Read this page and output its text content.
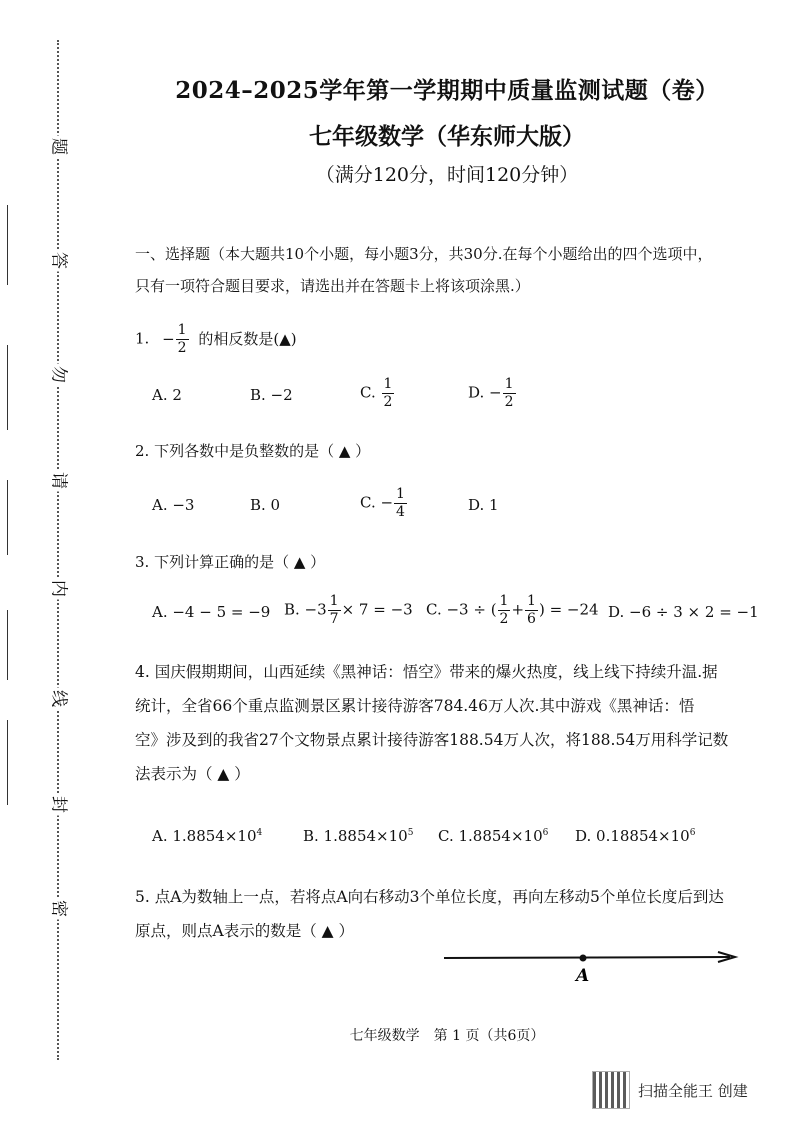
题
答
勿
请
内
线
封
密
2024–2025学年第一学期期中质量监测试题（卷）
七年级数学（华东师大版）
（满分120分，时间120分钟）
一、选择题（本大题共10个小题，每小题3分，共30分.在每个小题给出的四个选项中，
只有一项符合题目要求，请选出并在答题卡上将该项涂黑.）
1. − $\frac{1}{2}$ 的相反数是(▲)
A. 2	B. −2	C. $\frac{1}{2}$	D. − $\frac{1}{2}$
2. 下列各数中是负整数的是（ ▲ ）
A. −3	B. 0	C. − $\frac{1}{4}$	D. 1
3. 下列计算正确的是（ ▲ ）
A. −4 − 5 = −9 B. $-3 \frac{1}{7} \times 7 = -3$ C. −3 ÷ ( $\frac{1}{2} + \frac{1}{6}$ ) = −24 D. −6 ÷ 3 × 2 = −1
4. 国庆假期期间，山西延续《黑神话：悟空》带来的爆火热度，线上线下持续升温.据
统计，全省66个重点监测景区累计接待游客784.46万人次.其中游戏《黑神话：悟
空》涉及到的我省27个文物景点累计接待游客188.54万人次，将188.54万用科学记数
法表示为（ ▲ ）
A. $1.8854\times 10^4$	B. $1.8854\times 10^5$ C. $1.8854\times 10^6$ D. $0.18854\times 10^6$
5. 点A为数轴上一点，若将点A向右移动3个单位长度，再向左移动5个单位长度后到达
原点，则点A表示的数是（ ▲ ）
A
七年级数学　第 1 页（共6页）
扫描全能王 创建
